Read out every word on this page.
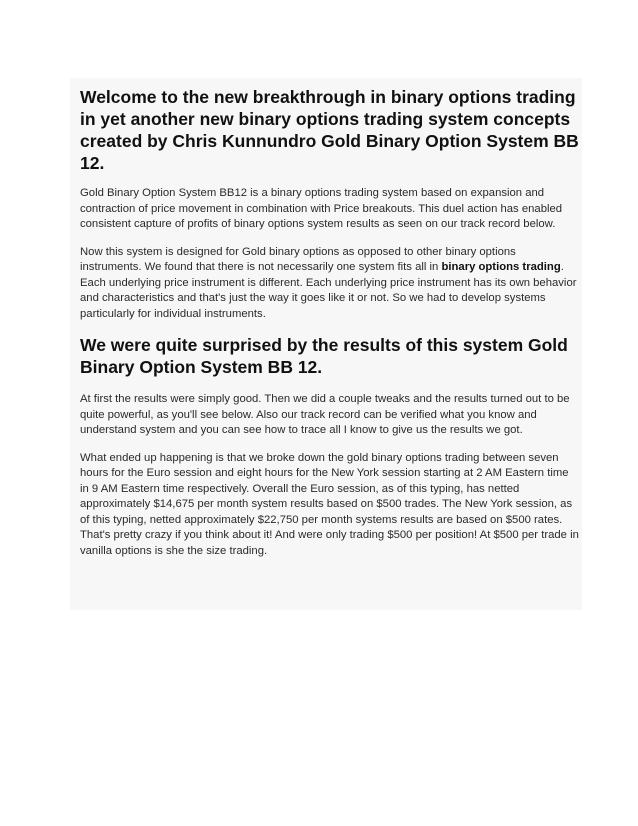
Welcome to the new breakthrough in binary options trading in yet another new binary options trading system concepts created by Chris Kunnundro Gold Binary Option System BB 12.

Gold Binary Option System BB12 is a binary options trading system based on expansion and contraction of price movement in combination with Price breakouts. This duel action has enabled consistent capture of profits of binary options system results as seen on our track record below.

Now this system is designed for Gold binary options as opposed to other binary options instruments. We found that there is not necessarily one system fits all in binary options trading. Each underlying price instrument is different. Each underlying price instrument has its own behavior and characteristics and that's just the way it goes like it or not. So we had to develop systems particularly for individual instruments.

We were quite surprised by the results of this system Gold Binary Option System BB 12.

At first the results were simply good. Then we did a couple tweaks and the results turned out to be quite powerful, as you'll see below. Also our track record can be verified what you know and understand system and you can see how to trace all I know to give us the results we got.

What ended up happening is that we broke down the gold binary options trading between seven hours for the Euro session and eight hours for the New York session starting at 2 AM Eastern time in 9 AM Eastern time respectively. Overall the Euro session, as of this typing, has netted approximately $14,675 per month system results based on $500 trades. The New York session, as of this typing, netted approximately $22,750 per month systems results are based on $500 rates. That's pretty crazy if you think about it! And were only trading $500 per position! At $500 per trade in vanilla options is she the size trading.
